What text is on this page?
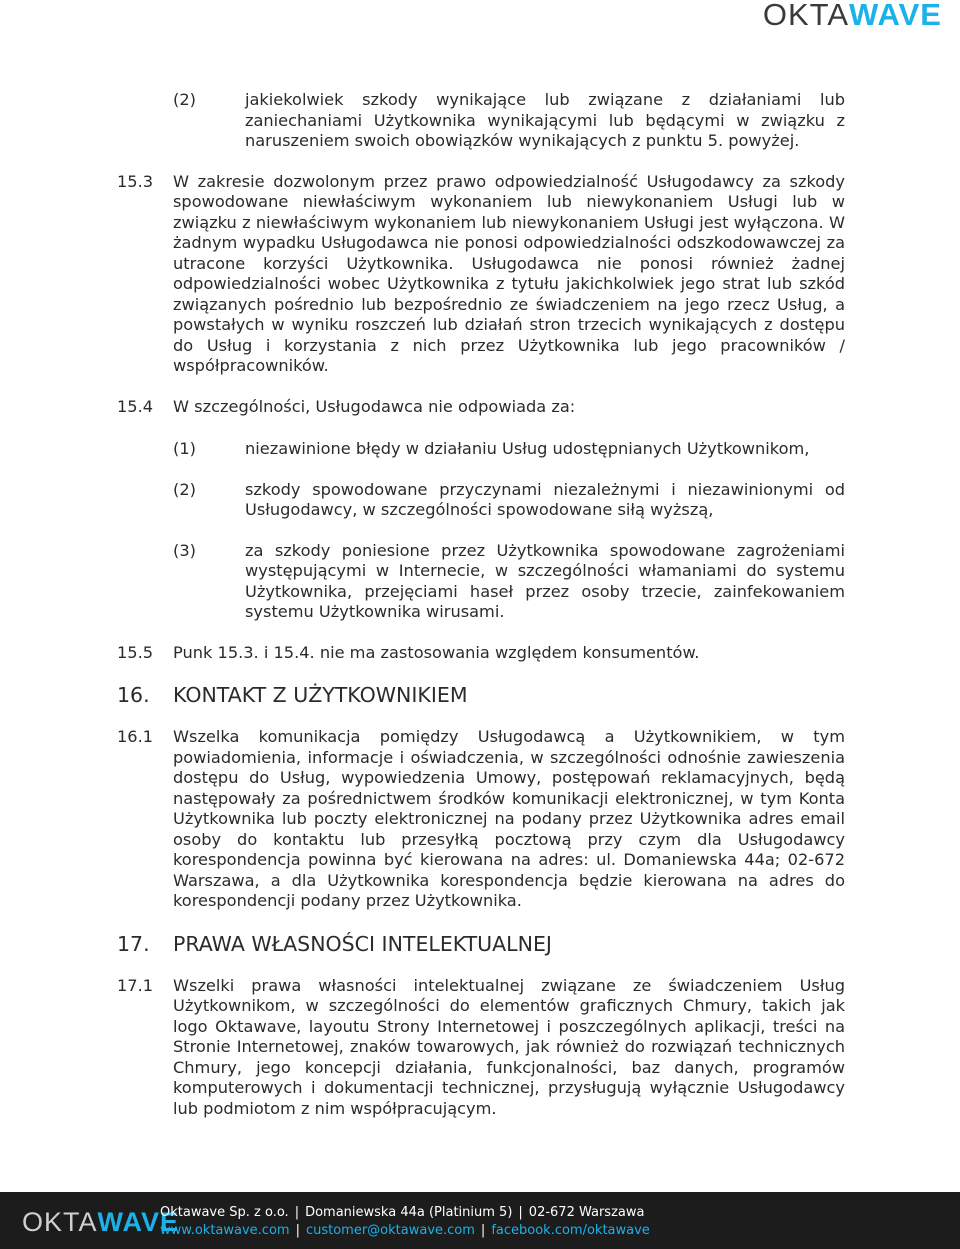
OKTAWAVE
(2)	jakiekolwiek szkody wynikające lub związane z działaniami lub zaniechaniami Użytkownika wynikającymi lub będącymi w związku z naruszeniem swoich obowiązków wynikających z punktu 5. powyżej.
15.3	W zakresie dozwolonym przez prawo odpowiedzialność Usługodawcy za szkody spowodowane niewłaściwym wykonaniem lub niewykonaniem Usługi lub w związku z niewłaściwym wykonaniem lub niewykonaniem Usługi jest wyłączona. W żadnym wypadku Usługodawca nie ponosi odpowiedzialności odszkodowawczej za utracone korzyści Użytkownika. Usługodawca nie ponosi również żadnej odpowiedzialności wobec Użytkownika z tytułu jakichkolwiek jego strat lub szkód związanych pośrednio lub bezpośrednio ze świadczeniem na jego rzecz Usług, a powstałych w wyniku roszczeń lub działań stron trzecich wynikających z dostępu do Usług i korzystania z nich przez Użytkownika lub jego pracowników / współpracowników.
15.4	W szczególności, Usługodawca nie odpowiada za:
(1)	niezawinione błędy w działaniu Usług udostępnianych Użytkownikom,
(2)	szkody spowodowane przyczynami niezależnymi i niezawinionymi od Usługodawcy, w szczególności spowodowane siłą wyższą,
(3)	za szkody poniesione przez Użytkownika spowodowane zagrożeniami występującymi w Internecie, w szczególności włamaniami do systemu Użytkownika, przejęciami haseł przez osoby trzecie, zainfekowaniem systemu Użytkownika wirusami.
15.5	Punk 15.3. i 15.4. nie ma zastosowania względem konsumentów.
16.	KONTAKT Z UŻYTKOWNIKIEM
16.1	Wszelka komunikacja pomiędzy Usługodawcą a Użytkownikiem, w tym powiadomienia, informacje i oświadczenia, w szczególności odnośnie zawieszenia dostępu do Usług, wypowiedzenia Umowy, postępowań reklamacyjnych, będą następowały za pośrednictwem środków komunikacji elektronicznej, w tym Konta Użytkownika lub poczty elektronicznej na podany przez Użytkownika adres email osoby do kontaktu lub przesyłką pocztową przy czym dla Usługodawcy korespondencja powinna być kierowana na adres: ul. Domaniewska 44a; 02-672 Warszawa, a dla Użytkownika korespondencja będzie kierowana na adres do korespondencji podany przez Użytkownika.
17.	PRAWA WŁASNOŚCI INTELEKTUALNEJ
17.1	Wszelki prawa własności intelektualnej związane ze świadczeniem Usług Użytkownikom, w szczególności do elementów graficznych Chmury, takich jak logo Oktawave, layoutu Strony Internetowej i poszczególnych aplikacji, treści na Stronie Internetowej, znaków towarowych, jak również do rozwiązań technicznych Chmury, jego koncepcji działania, funkcjonalności, baz danych, programów komputerowych i dokumentacji technicznej, przysługują wyłącznie Usługodawcy lub podmiotom z nim współpracującym.
OKTAWAVE
Oktawave Sp. z o.o. | Domaniewska 44a (Platinium 5) | 02-672 Warszawa
www.oktawave.com | customer@oktawave.com | facebook.com/oktawave
